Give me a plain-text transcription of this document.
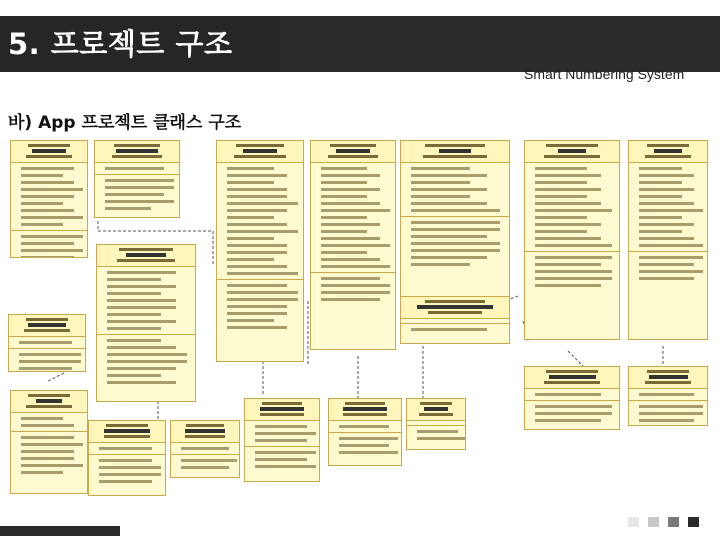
5. 프로젝트 구조
Smart Numbering System
바) App 프로젝트 클래스 구조
